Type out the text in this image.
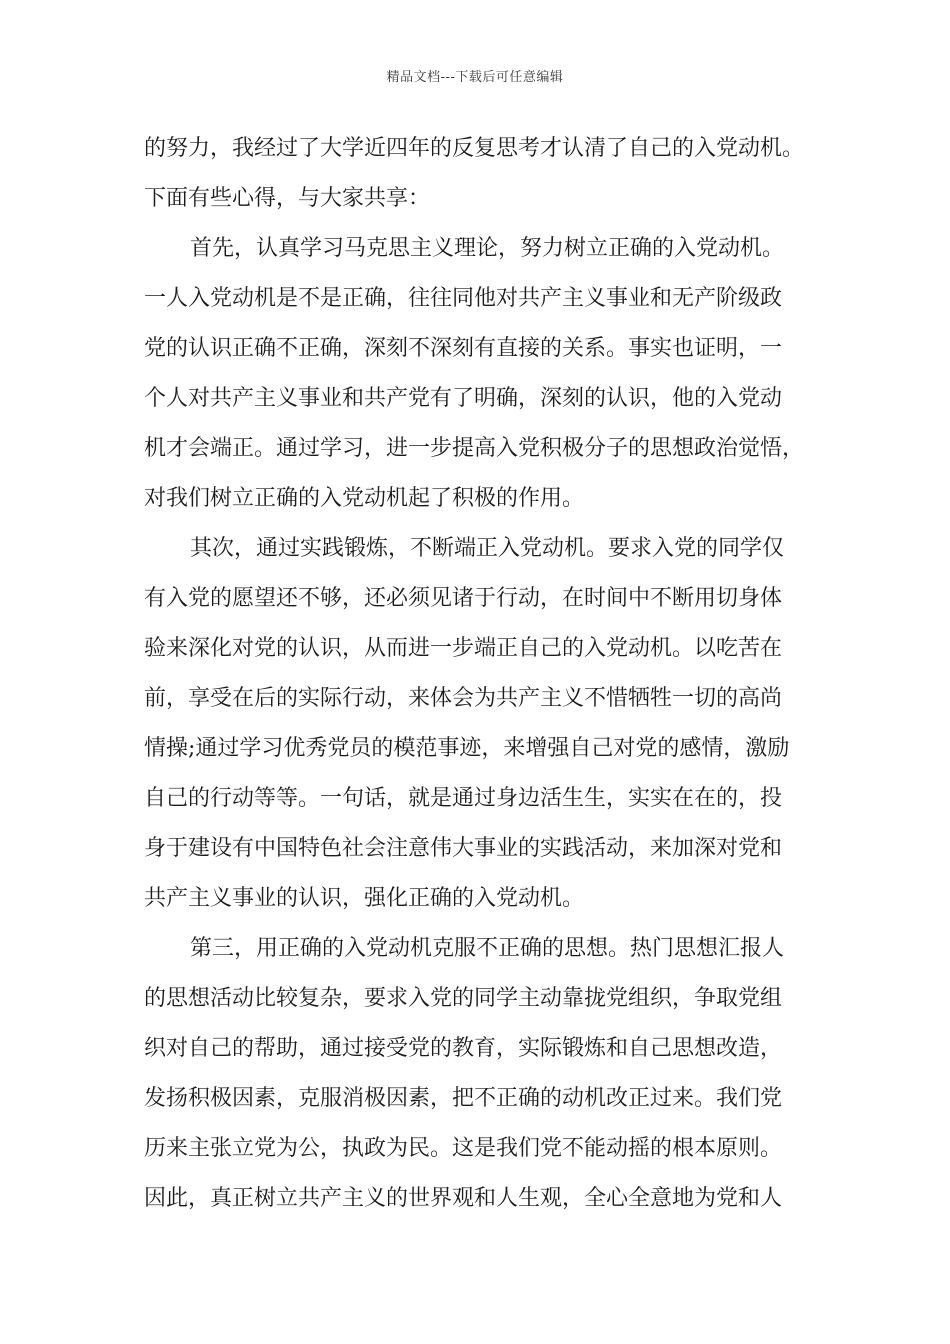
精品文档---下载后可任意编辑
的努力，我经过了大学近四年的反复思考才认清了自己的入党动机。
下面有些心得，与大家共享：
首先，认真学习马克思主义理论，努力树立正确的入党动机。
一人入党动机是不是正确，往往同他对共产主义事业和无产阶级政
党的认识正确不正确，深刻不深刻有直接的关系。事实也证明，一
个人对共产主义事业和共产党有了明确，深刻的认识，他的入党动
机才会端正。通过学习，进一步提高入党积极分子的思想政治觉悟，
对我们树立正确的入党动机起了积极的作用。
其次，通过实践锻炼，不断端正入党动机。要求入党的同学仅
有入党的愿望还不够，还必须见诸于行动，在时间中不断用切身体
验来深化对党的认识，从而进一步端正自己的入党动机。以吃苦在
前，享受在后的实际行动，来体会为共产主义不惜牺牲一切的高尚
情操;通过学习优秀党员的模范事迹，来增强自己对党的感情，激励
自己的行动等等。一句话，就是通过身边活生生，实实在在的，投
身于建设有中国特色社会注意伟大事业的实践活动，来加深对党和
共产主义事业的认识，强化正确的入党动机。
第三，用正确的入党动机克服不正确的思想。热门思想汇报人
的思想活动比较复杂，要求入党的同学主动靠拢党组织，争取党组
织对自己的帮助，通过接受党的教育，实际锻炼和自己思想改造，
发扬积极因素，克服消极因素，把不正确的动机改正过来。我们党
历来主张立党为公，执政为民。这是我们党不能动摇的根本原则。
因此，真正树立共产主义的世界观和人生观，全心全意地为党和人
